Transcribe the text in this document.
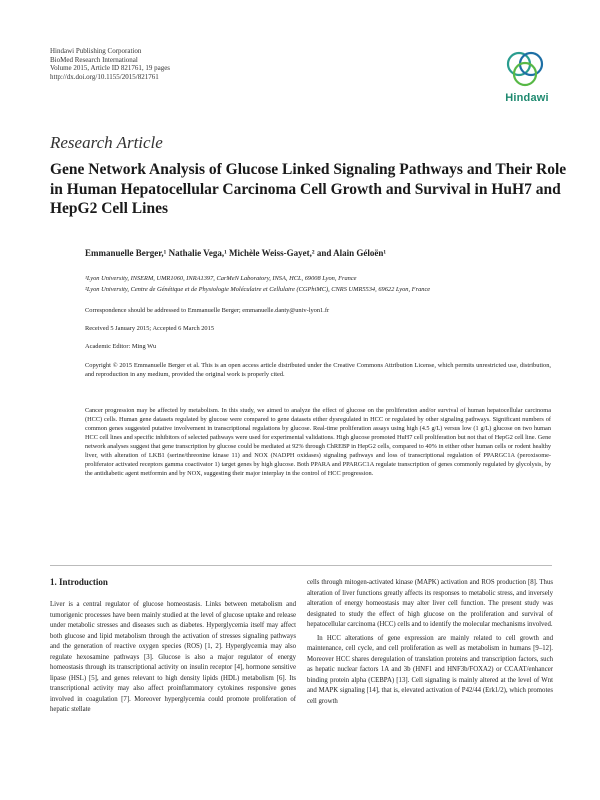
Hindawi Publishing Corporation
BioMed Research International
Volume 2015, Article ID 821761, 19 pages
http://dx.doi.org/10.1155/2015/821761
Hindawi
Research Article
Gene Network Analysis of Glucose Linked Signaling Pathways and Their Role in Human Hepatocellular Carcinoma Cell Growth and Survival in HuH7 and HepG2 Cell Lines
Emmanuelle Berger,¹ Nathalie Vega,¹ Michèle Weiss-Gayet,² and Alain Géloën¹
¹Lyon University, INSERM, UMR1060, INRA1397, CarMeN Laboratory, INSA, HCL, 69008 Lyon, France
²Lyon University, Centre de Génétique et de Physiologie Moléculaire et Cellulaire (CGPhiMC), CNRS UMR5534, 69622 Lyon, France
Correspondence should be addressed to Emmanuelle Berger; emmanuelle.danty@univ-lyon1.fr
Received 5 January 2015; Accepted 6 March 2015
Academic Editor: Ming Wu
Copyright © 2015 Emmanuelle Berger et al. This is an open access article distributed under the Creative Commons Attribution License, which permits unrestricted use, distribution, and reproduction in any medium, provided the original work is properly cited.
Cancer progression may be affected by metabolism. In this study, we aimed to analyze the effect of glucose on the proliferation and/or survival of human hepatocellular carcinoma (HCC) cells. Human gene datasets regulated by glucose were compared to gene datasets either dysregulated in HCC or regulated by other signaling pathways. Significant numbers of common genes suggested putative involvement in transcriptional regulations by glucose. Real-time proliferation assays using high (4.5 g/L) versus low (1 g/L) glucose on two human HCC cell lines and specific inhibitors of selected pathways were used for experimental validations. High glucose promoted HuH7 cell proliferation but not that of HepG2 cell line. Gene network analyses suggest that gene transcription by glucose could be mediated at 92% through ChREBP in HepG2 cells, compared to 40% in either other human cells or rodent healthy liver, with alteration of LKB1 (serine/threonine kinase 11) and NOX (NADPH oxidases) signaling pathways and loss of transcriptional regulation of PPARGC1A (peroxisome-proliferator activated receptors gamma coactivator 1) target genes by high glucose. Both PPARA and PPARGC1A regulate transcription of genes commonly regulated by glycolysis, by the antidiabetic agent metformin and by NOX, suggesting their major interplay in the control of HCC progression.
1. Introduction
Liver is a central regulator of glucose homeostasis. Links between metabolism and tumorigenic processes have been mainly studied at the level of glucose uptake and release under metabolic stresses and diseases such as diabetes. Hyperglycemia itself may affect both glucose and lipid metabolism through the activation of stresses signaling pathways and the generation of reactive oxygen species (ROS) [1, 2]. Hyperglycemia may also regulate hexosamine pathways [3]. Glucose is also a major regulator of energy homeostasis through its transcriptional activity on insulin receptor [4], hormone sensitive lipase (HSL) [5], and genes relevant to high density lipids (HDL) metabolism [6]. Its transcriptional activity may also affect proinflammatory cytokines responsive genes involved in coagulation [7]. Moreover hyperglycemia could promote proliferation of hepatic stellate

cells through mitogen-activated kinase (MAPK) activation and ROS production [8]. Thus alteration of liver functions greatly affects its responses to metabolic stress, and inversely alteration of energy homeostasis may alter liver cell function. The present study was designated to study the effect of high glucose on the proliferation and survival of hepatocellular carcinoma (HCC) cells and to identify the molecular mechanisms involved.

In HCC alterations of gene expression are mainly related to cell growth and maintenance, cell cycle, and cell proliferation as well as metabolism in humans [9–12]. Moreover HCC shares deregulation of translation proteins and transcription factors, such as hepatic nuclear factors 1A and 3b (HNF1 and HNF3b/FOXA2) or CCAAT/enhancer binding protein alpha (CEBPA) [13]. Cell signaling is mainly altered at the level of Wnt and MAPK signaling [14], that is, elevated activation of P42/44 (Erk1/2), which promotes cell growth
